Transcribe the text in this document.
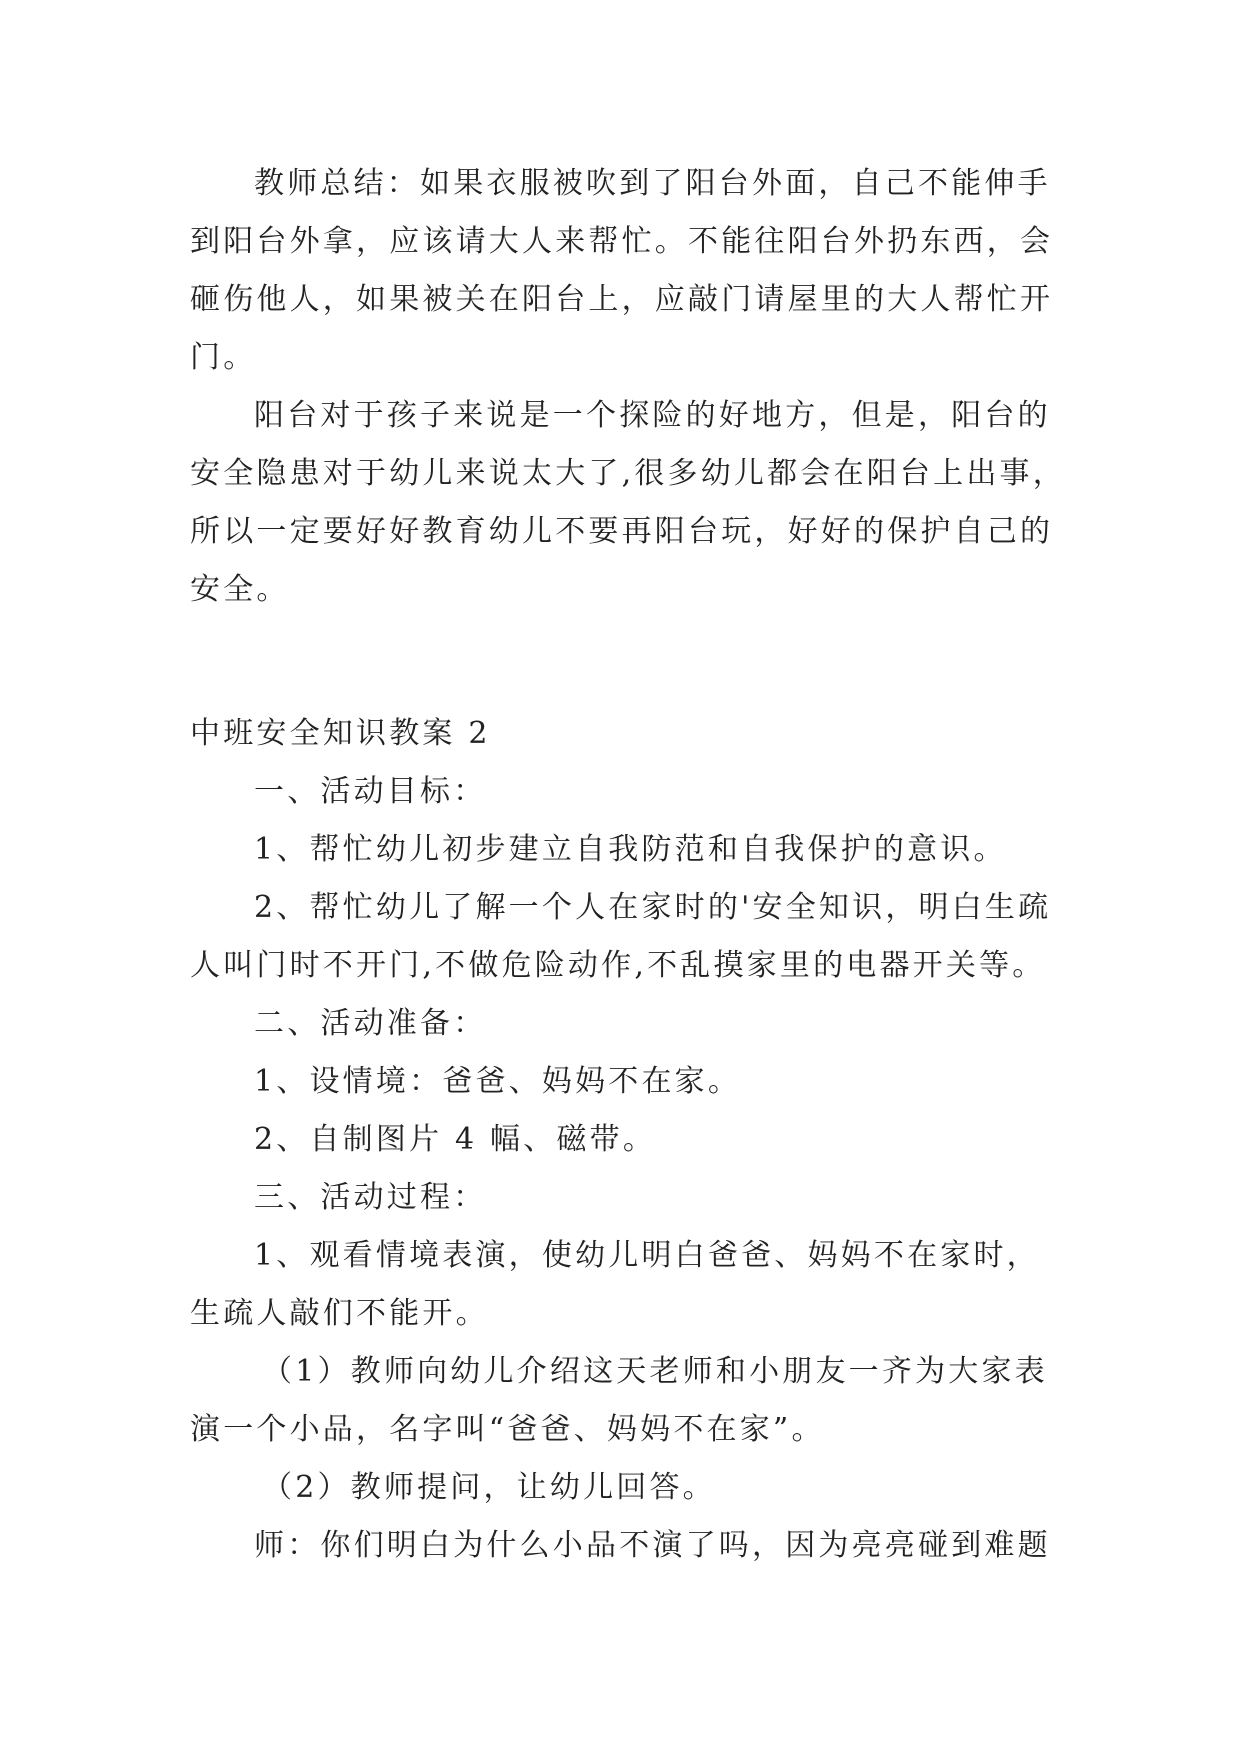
教师总结：如果衣服被吹到了阳台外面，自己不能伸手

到阳台外拿，应该请大人来帮忙。不能往阳台外扔东西，会

砸伤他人，如果被关在阳台上，应敲门请屋里的大人帮忙开

门。

阳台对于孩子来说是一个探险的好地方，但是，阳台的

安全隐患对于幼儿来说太大了,很多幼儿都会在阳台上出事，

所以一定要好好教育幼儿不要再阳台玩，好好的保护自己的

安全。

中班安全知识教案 2

一、活动目标：

1、帮忙幼儿初步建立自我防范和自我保护的意识。

2、帮忙幼儿了解一个人在家时的'安全知识，明白生疏

人叫门时不开门,不做危险动作,不乱摸家里的电器开关等。

二、活动准备：

1、设情境：爸爸、妈妈不在家。

2、自制图片 4 幅、磁带。

三、活动过程：

1、观看情境表演，使幼儿明白爸爸、妈妈不在家时，

生疏人敲们不能开。

（1）教师向幼儿介绍这天老师和小朋友一齐为大家表

演一个小品，名字叫“爸爸、妈妈不在家”。

（2）教师提问，让幼儿回答。

师：你们明白为什么小品不演了吗，因为亮亮碰到难题
